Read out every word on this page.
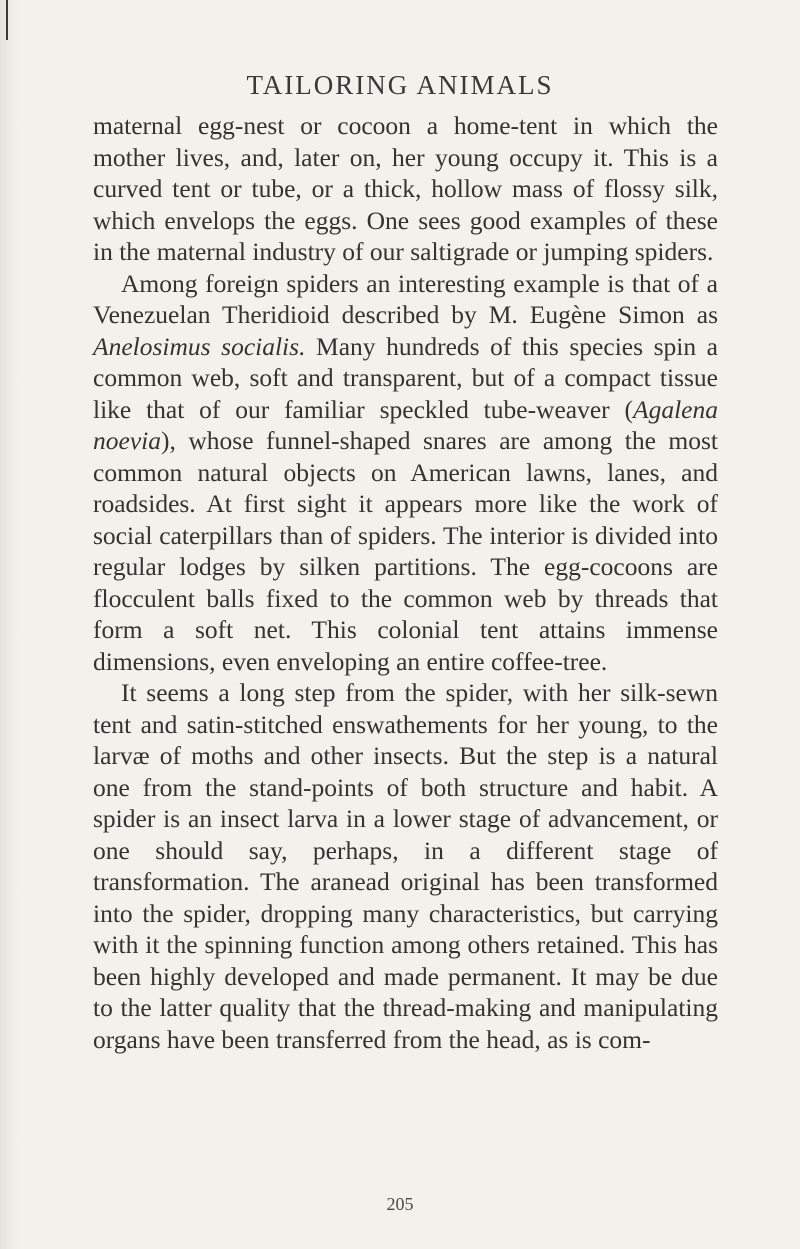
TAILORING ANIMALS

maternal egg-nest or cocoon a home-tent in which the mother lives, and, later on, her young occupy it. This is a curved tent or tube, or a thick, hollow mass of flossy silk, which envelops the eggs. One sees good examples of these in the maternal industry of our saltigrade or jumping spiders.

Among foreign spiders an interesting example is that of a Venezuelan Theridioid described by M. Eugène Simon as Anelosimus socialis. Many hundreds of this species spin a common web, soft and transparent, but of a compact tissue like that of our familiar speckled tube-weaver (Agalena noevia), whose funnel-shaped snares are among the most common natural objects on American lawns, lanes, and roadsides. At first sight it appears more like the work of social caterpillars than of spiders. The interior is divided into regular lodges by silken partitions. The egg-cocoons are flocculent balls fixed to the common web by threads that form a soft net. This colonial tent attains immense dimensions, even enveloping an entire coffee-tree.

It seems a long step from the spider, with her silk-sewn tent and satin-stitched enswathements for her young, to the larvæ of moths and other insects. But the step is a natural one from the stand-points of both structure and habit. A spider is an insect larva in a lower stage of advancement, or one should say, perhaps, in a different stage of transformation. The aranead original has been transformed into the spider, dropping many characteristics, but carrying with it the spinning function among others retained. This has been highly developed and made permanent. It may be due to the latter quality that the thread-making and manipulating organs have been transferred from the head, as is com-

205
